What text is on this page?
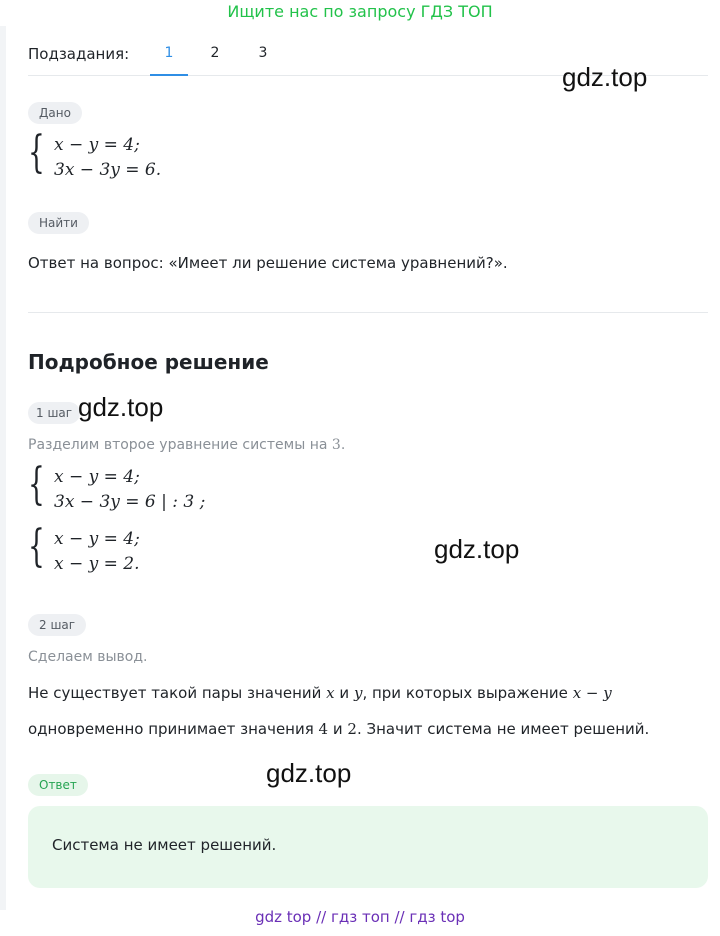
Ищите нас по запросу ГДЗ ТОП
Подзадания:	1	2	3
Дано
{ x − y = 4;
3x − 3y = 6.
Найти
Ответ на вопрос: «Имеет ли решение система уравнений?».
Подробное решение
1 шаг
Разделим второе уравнение системы на 3.
{ x − y = 4;
3x − 3y = 6 | : 3 ;
{ x − y = 4;
x − y = 2.
2 шаг
Сделаем вывод.
Не существует такой пары значений x и y, при которых выражение x − y
одновременно принимает значения 4 и 2. Значит система не имеет решений.
Ответ
Система не имеет решений.
gdz.top
gdz.top
gdz.top
gdz.top
gdz top // гдз топ // гдз top
